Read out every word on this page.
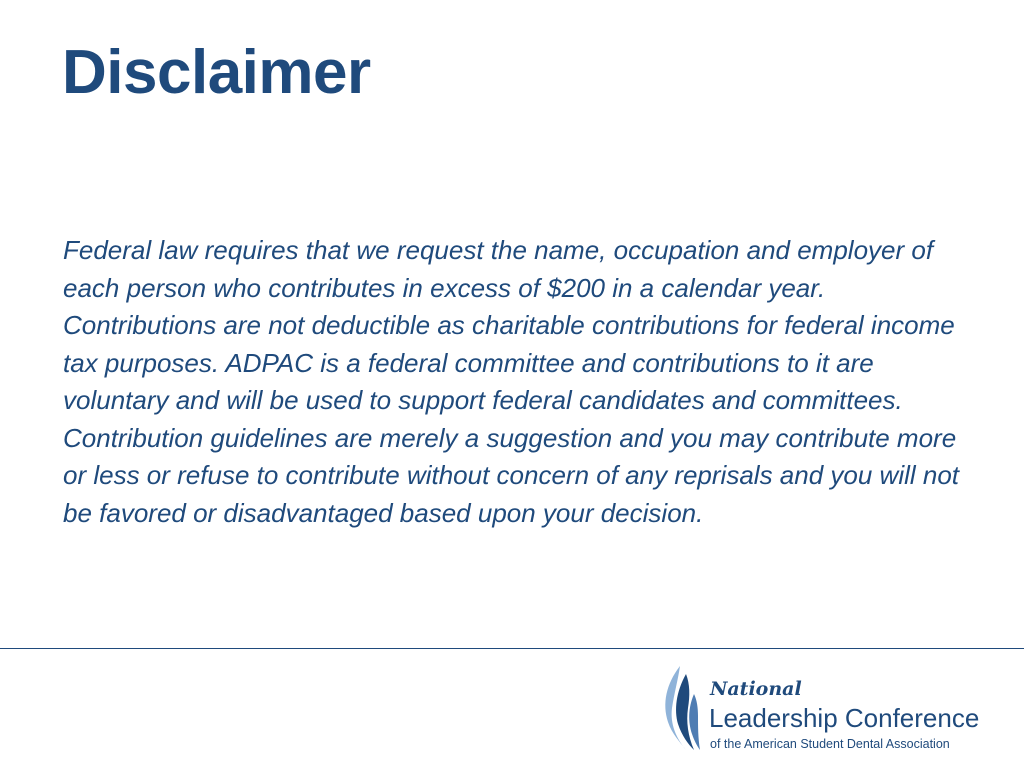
Disclaimer

Federal law requires that we request the name, occupation and employer of each person who contributes in excess of $200 in a calendar year. Contributions are not deductible as charitable contributions for federal income tax purposes. ADPAC is a federal committee and contributions to it are voluntary and will be used to support federal candidates and committees. Contribution guidelines are merely a suggestion and you may contribute more or less or refuse to contribute without concern of any reprisals and you will not be favored or disadvantaged based upon your decision.

National
Leadership Conference
of the American Student Dental Association
